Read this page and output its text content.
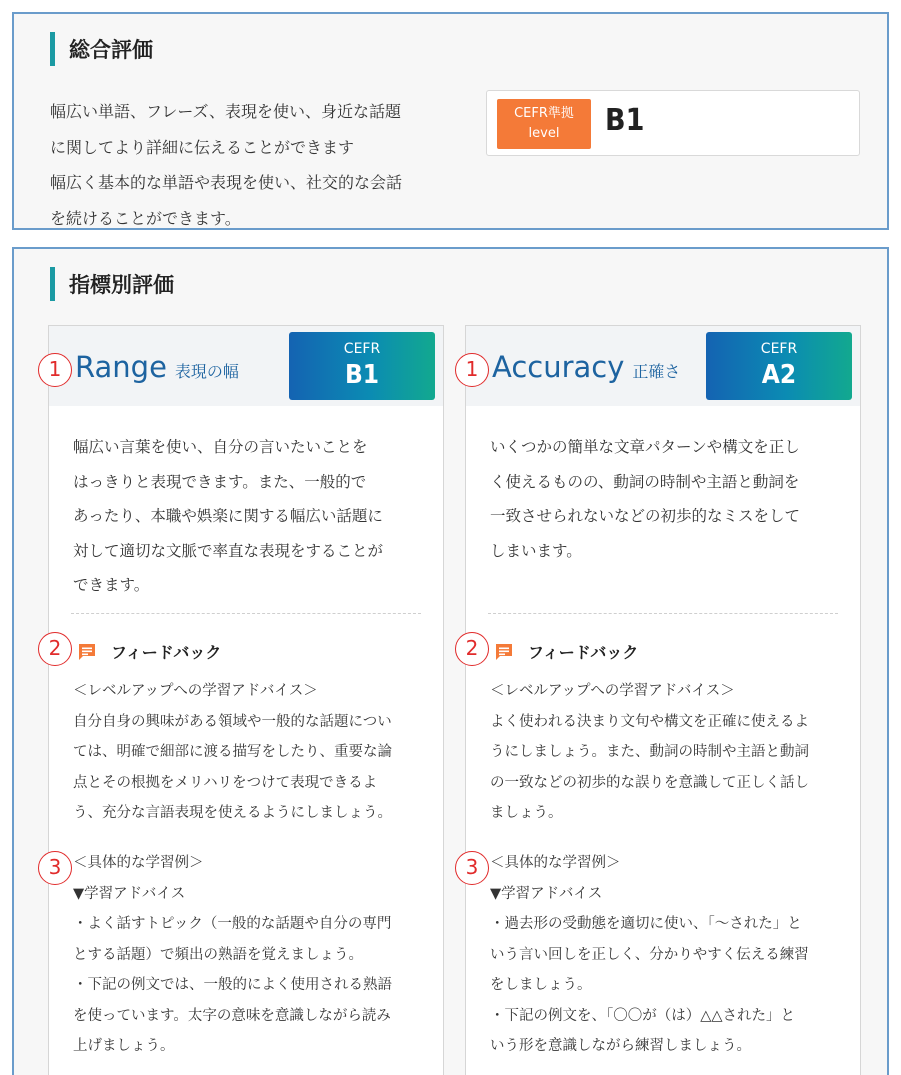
総合評価
幅広い単語、フレーズ、表現を使い、身近な話題
に関してより詳細に伝えることができます
幅広く基本的な単語や表現を使い、社交的な会話
を続けることができます。
CEFR準拠
level	B1
指標別評価
Range 表現の幅
CEFR
B1
幅広い言葉を使い、自分の言いたいことを
はっきりと表現できます。また、一般的で
あったり、本職や娯楽に関する幅広い話題に
対して適切な文脈で率直な表現をすることが
できます。
フィードバック
＜レベルアップへの学習アドバイス＞
自分自身の興味がある領域や一般的な話題につい
ては、明確で細部に渡る描写をしたり、重要な論
点とその根拠をメリハリをつけて表現できるよ
う、充分な言語表現を使えるようにしましょう。
＜具体的な学習例＞
▼学習アドバイス
・よく話すトピック（一般的な話題や自分の専門
とする話題）で頻出の熟語を覚えましょう。
・下記の例文では、一般的によく使用される熟語
を使っています。太字の意味を意識しながら読み
上げましょう。
Accuracy 正確さ
CEFR
A2
いくつかの簡単な文章パターンや構文を正し
く使えるものの、動詞の時制や主語と動詞を
一致させられないなどの初歩的なミスをして
しまいます。
フィードバック
＜レベルアップへの学習アドバイス＞
よく使われる決まり文句や構文を正確に使えるよ
うにしましょう。また、動詞の時制や主語と動詞
の一致などの初歩的な誤りを意識して正しく話し
ましょう。
＜具体的な学習例＞
▼学習アドバイス
・過去形の受動態を適切に使い、「～された」と
いう言い回しを正しく、分かりやすく伝える練習
をしましょう。
・下記の例文を、「〇〇が（は）△△された」と
いう形を意識しながら練習しましょう。
1
2
3
1
2
3
